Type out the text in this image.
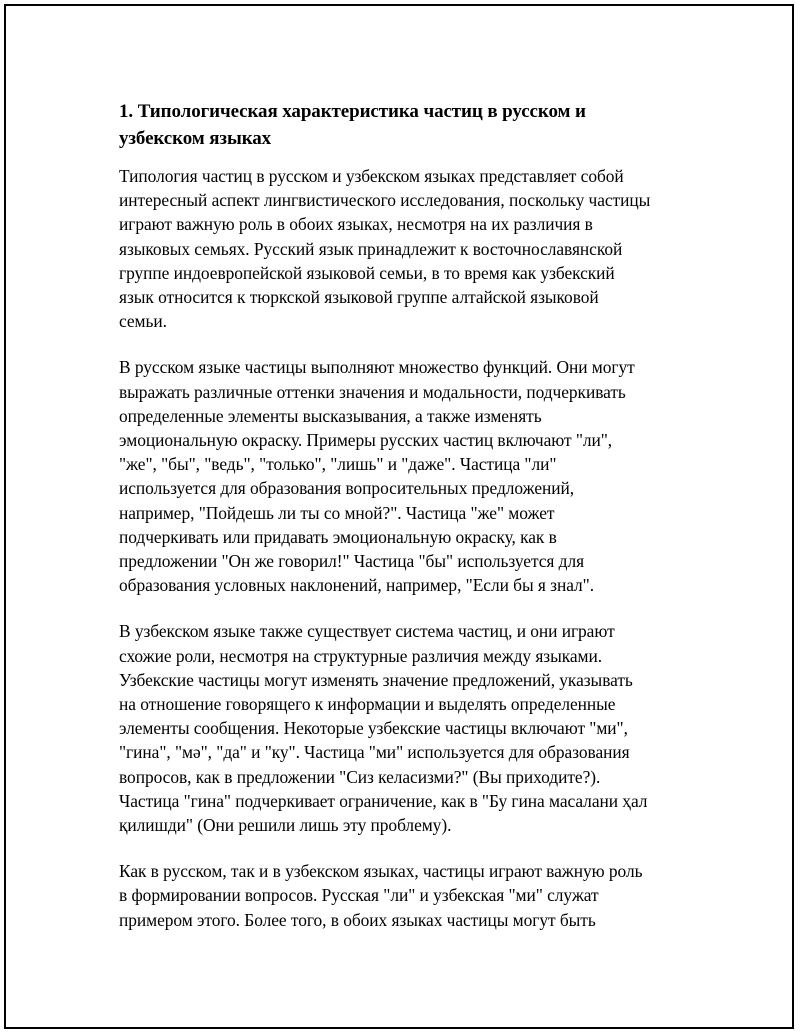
1. Типологическая характеристика частиц в русском и
узбекском языках

Типология частиц в русском и узбекском языках представляет собой
интересный аспект лингвистического исследования, поскольку частицы
играют важную роль в обоих языках, несмотря на их различия в
языковых семьях. Русский язык принадлежит к восточнославянской
группе индоевропейской языковой семьи, в то время как узбекский
язык относится к тюркской языковой группе алтайской языковой
семьи.

В русском языке частицы выполняют множество функций. Они могут
выражать различные оттенки значения и модальности, подчеркивать
определенные элементы высказывания, а также изменять
эмоциональную окраску. Примеры русских частиц включают "ли",
"же", "бы", "ведь", "только", "лишь" и "даже". Частица "ли"
используется для образования вопросительных предложений,
например, "Пойдешь ли ты со мной?". Частица "же" может
подчеркивать или придавать эмоциональную окраску, как в
предложении "Он же говорил!" Частица "бы" используется для
образования условных наклонений, например, "Если бы я знал".

В узбекском языке также существует система частиц, и они играют
схожие роли, несмотря на структурные различия между языками.
Узбекские частицы могут изменять значение предложений, указывать
на отношение говорящего к информации и выделять определенные
элементы сообщения. Некоторые узбекские частицы включают "ми",
"гина", "мә", "да" и "ку". Частица "ми" используется для образования
вопросов, как в предложении "Сиз келасизми?" (Вы приходите?).
Частица "гина" подчеркивает ограничение, как в "Бу гина масалани ҳал
қилишди" (Они решили лишь эту проблему).

Как в русском, так и в узбекском языках, частицы играют важную роль
в формировании вопросов. Русская "ли" и узбекская "ми" служат
примером этого. Более того, в обоих языках частицы могут быть
